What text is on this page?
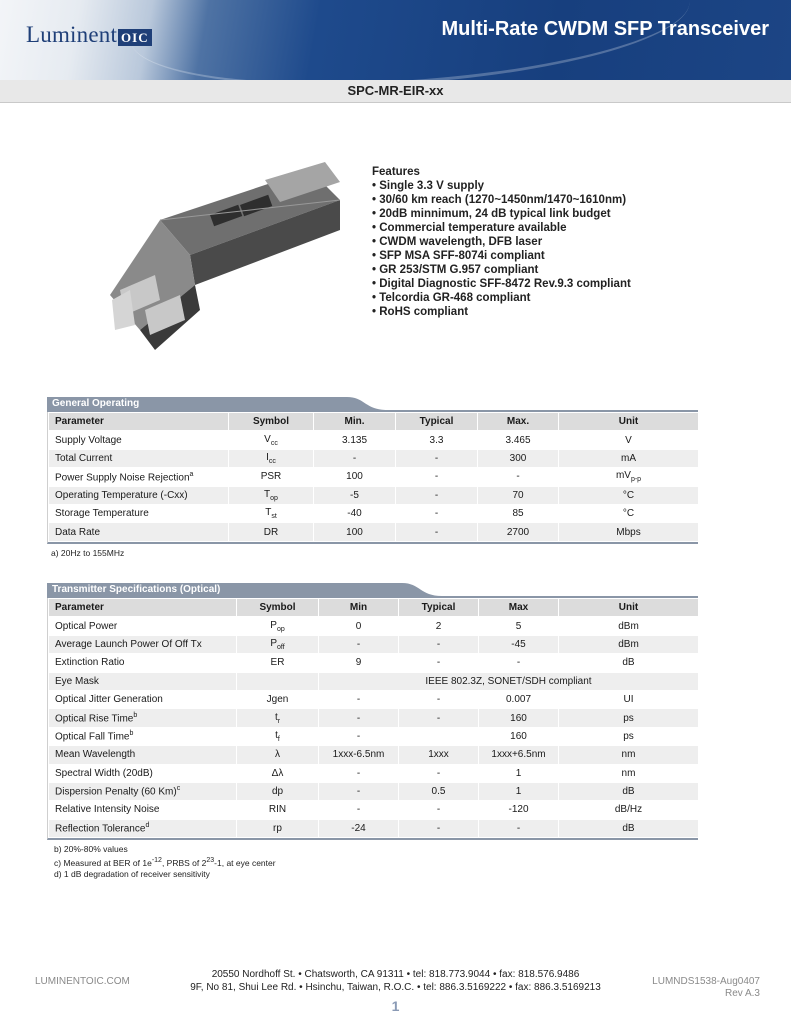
Luminent OIC	Multi-Rate CWDM SFP Transceiver
SPC-MR-EIR-xx
Features
• Single 3.3 V supply
• 30/60 km reach (1270~1450nm/1470~1610nm)
• 20dB minnimum, 24 dB typical link budget
• Commercial temperature available
• CWDM wavelength, DFB laser
• SFP MSA SFF-8074i compliant
• GR 253/STM G.957 compliant
• Digital Diagnostic SFF-8472 Rev.9.3 compliant
• Telcordia GR-468 compliant
• RoHS compliant
General Operating
Parameter	Symbol	Min.	Typical	Max.	Unit
Supply Voltage	$V_{cc}$	3.135	3.3	3.465	V
Total Current	$I_{cc}$	-	-	300	mA
Power Supply Noise Rejection$^a$	PSR	100	-	-	$mV_{p-p}$
Operating Temperature (-Cxx)	$T_{op}$	-5	-	70	°C
Storage Temperature	$T_{st}$	-40	-	85	°C
Data Rate	DR	100	-	2700	Mbps
a) 20Hz to 155MHz
Transmitter Specifications (Optical)
Parameter	Symbol	Min	Typical	Max	Unit
Optical Power	$P_{op}$	0	2	5	dBm
Average Launch Power Of Off Tx	$P_{off}$	-	-	-45	dBm
Extinction Ratio	ER	9	-	-	dB
Eye Mask		IEEE 802.3Z, SONET/SDH compliant			
Optical Jitter Generation	Jgen	-	-	0.007	UI
Optical Rise Time$^b$	$t_r$	-	-	160	ps
Optical Fall Time$^b$	$t_f$	-		160	ps
Mean Wavelength	λ	1xxx-6.5nm	1xxx	1xxx+6.5nm	nm
Spectral Width (20dB)	Δλ	-	-	1	nm
Dispersion Penalty (60 Km)$^c$	dp	-	0.5	1	dB
Relative Intensity Noise	RIN	-	-	-120	dB/Hz
Reflection Tolerance$^d$	rp	-24	-	-	dB
b) 20%-80% values
c) Measured at BER of $1e^{-12}$, PRBS of $2^{23}-1$, at eye center
d) 1 dB degradation of receiver sensitivity
LUMINENTOIC.COM
20550 Nordhoff St. • Chatsworth, CA 91311 • tel: 818.773.9044 • fax: 818.576.9486
9F, No 81, Shui Lee Rd. • Hsinchu, Taiwan, R.O.C. • tel: 886.3.5169222 • fax: 886.3.5169213
LUMNDS1538-Aug0407
Rev A.3
1
